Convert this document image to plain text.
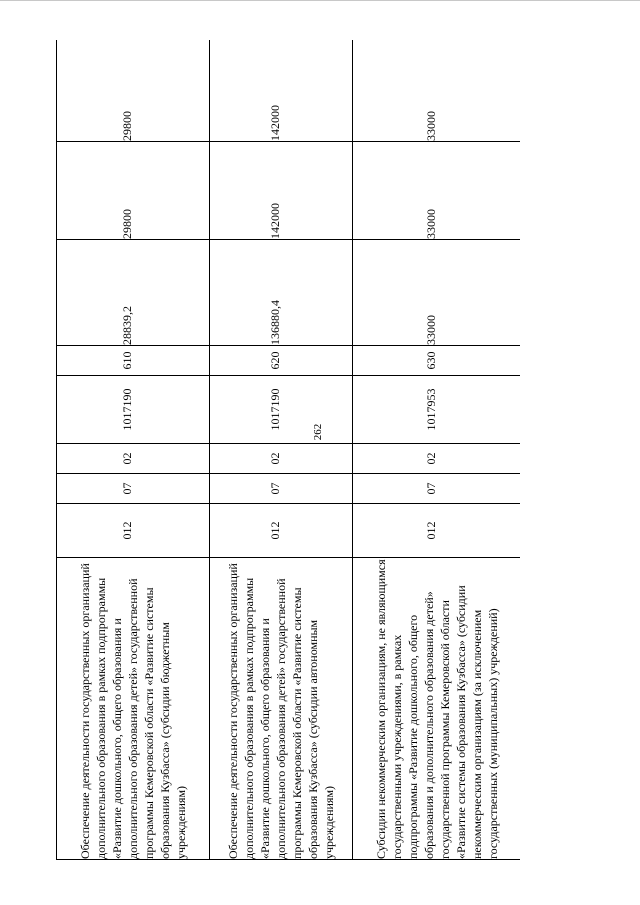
262
Обеспечение деятельности государственных организаций дополнительного образования в рамках подпрограммы «Развитие дошкольного, общего образования и дополнительного образования детей» государственной программы Кемеровской области «Развитие системы образования Кузбасса» (субсидии бюджетным учреждениям)	012	07	02	1017190	610	28839,2	29800	29800
Обеспечение деятельности государственных организаций дополнительного образования в рамках подпрограммы «Развитие дошкольного, общего образования и дополнительного образования детей» государственной программы Кемеровской области «Развитие системы образования Кузбасса» (субсидии автономным учреждениям)	012	07	02	1017190	620	136880,4	142000	142000
Субсидии некоммерческим организациям, не являющимся государственными учреждениями, в рамках подпрограммы «Развитие дошкольного, общего образования и дополнительного образования детей» государственной программы Кемеровской области «Развитие системы образования Кузбасса» (субсидии некоммерческим организациям (за исключением государственных (муниципальных) учреждений)	012	07	02	1017953	630	33000	33000	33000
